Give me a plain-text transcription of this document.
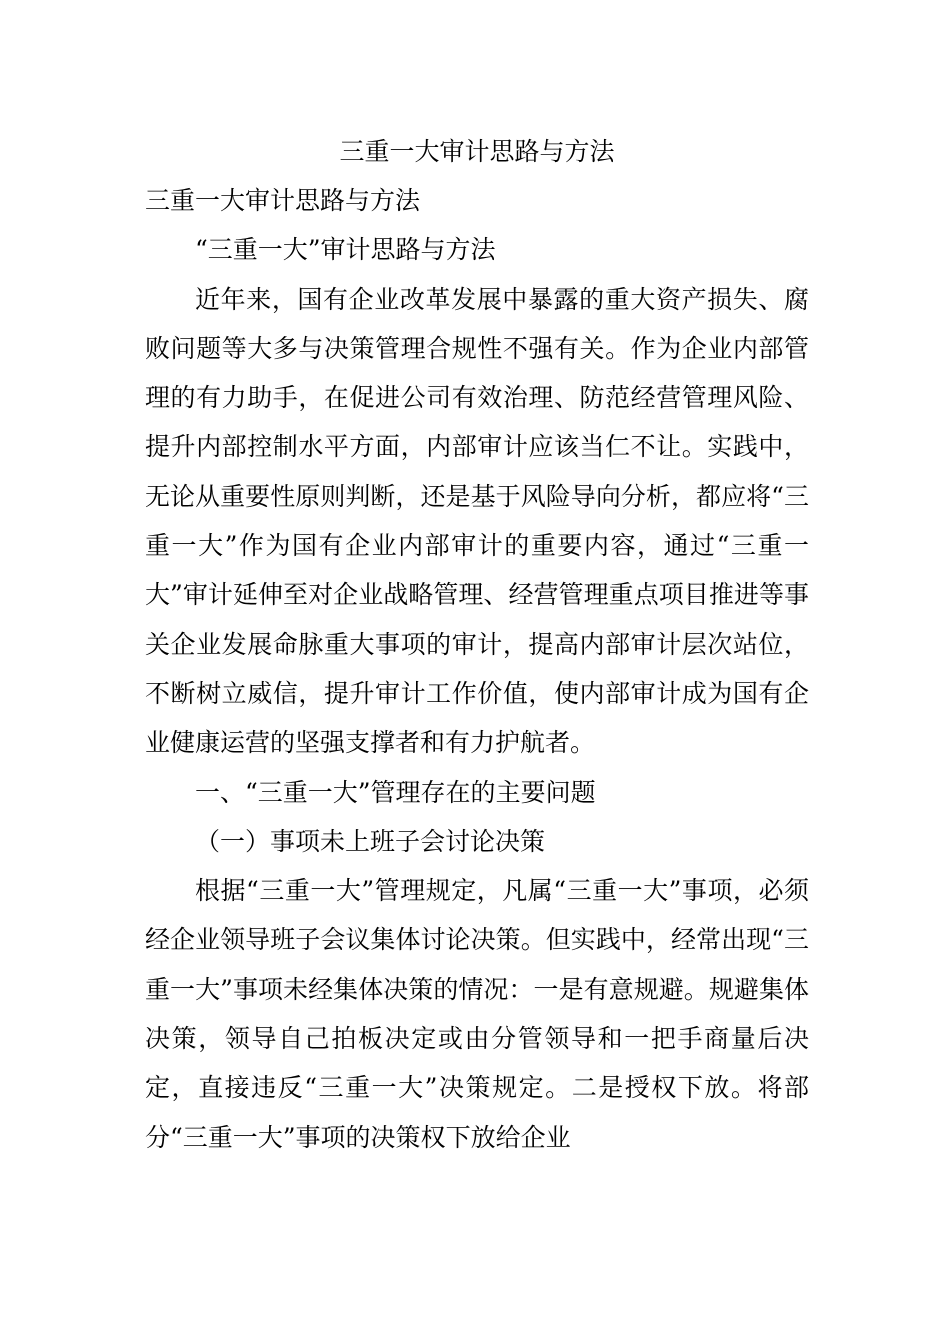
三重一大审计思路与方法

三重一大审计思路与方法

“三重一大”审计思路与方法

近年来，国有企业改革发展中暴露的重大资产损失、腐败问题等大多与决策管理合规性不强有关。作为企业内部管理的有力助手，在促进公司有效治理、防范经营管理风险、提升内部控制水平方面，内部审计应该当仁不让。实践中，无论从重要性原则判断，还是基于风险导向分析，都应将“三重一大”作为国有企业内部审计的重要内容，通过“三重一大”审计延伸至对企业战略管理、经营管理重点项目推进等事关企业发展命脉重大事项的审计，提高内部审计层次站位，不断树立威信，提升审计工作价值，使内部审计成为国有企业健康运营的坚强支撑者和有力护航者。

一、“三重一大”管理存在的主要问题

（一）事项未上班子会讨论决策

根据“三重一大”管理规定，凡属“三重一大”事项，必须经企业领导班子会议集体讨论决策。但实践中，经常出现“三重一大”事项未经集体决策的情况：一是有意规避。规避集体决策，领导自己拍板决定或由分管领导和一把手商量后决定，直接违反“三重一大”决策规定。二是授权下放。将部分“三重一大”事项的决策权下放给企业
